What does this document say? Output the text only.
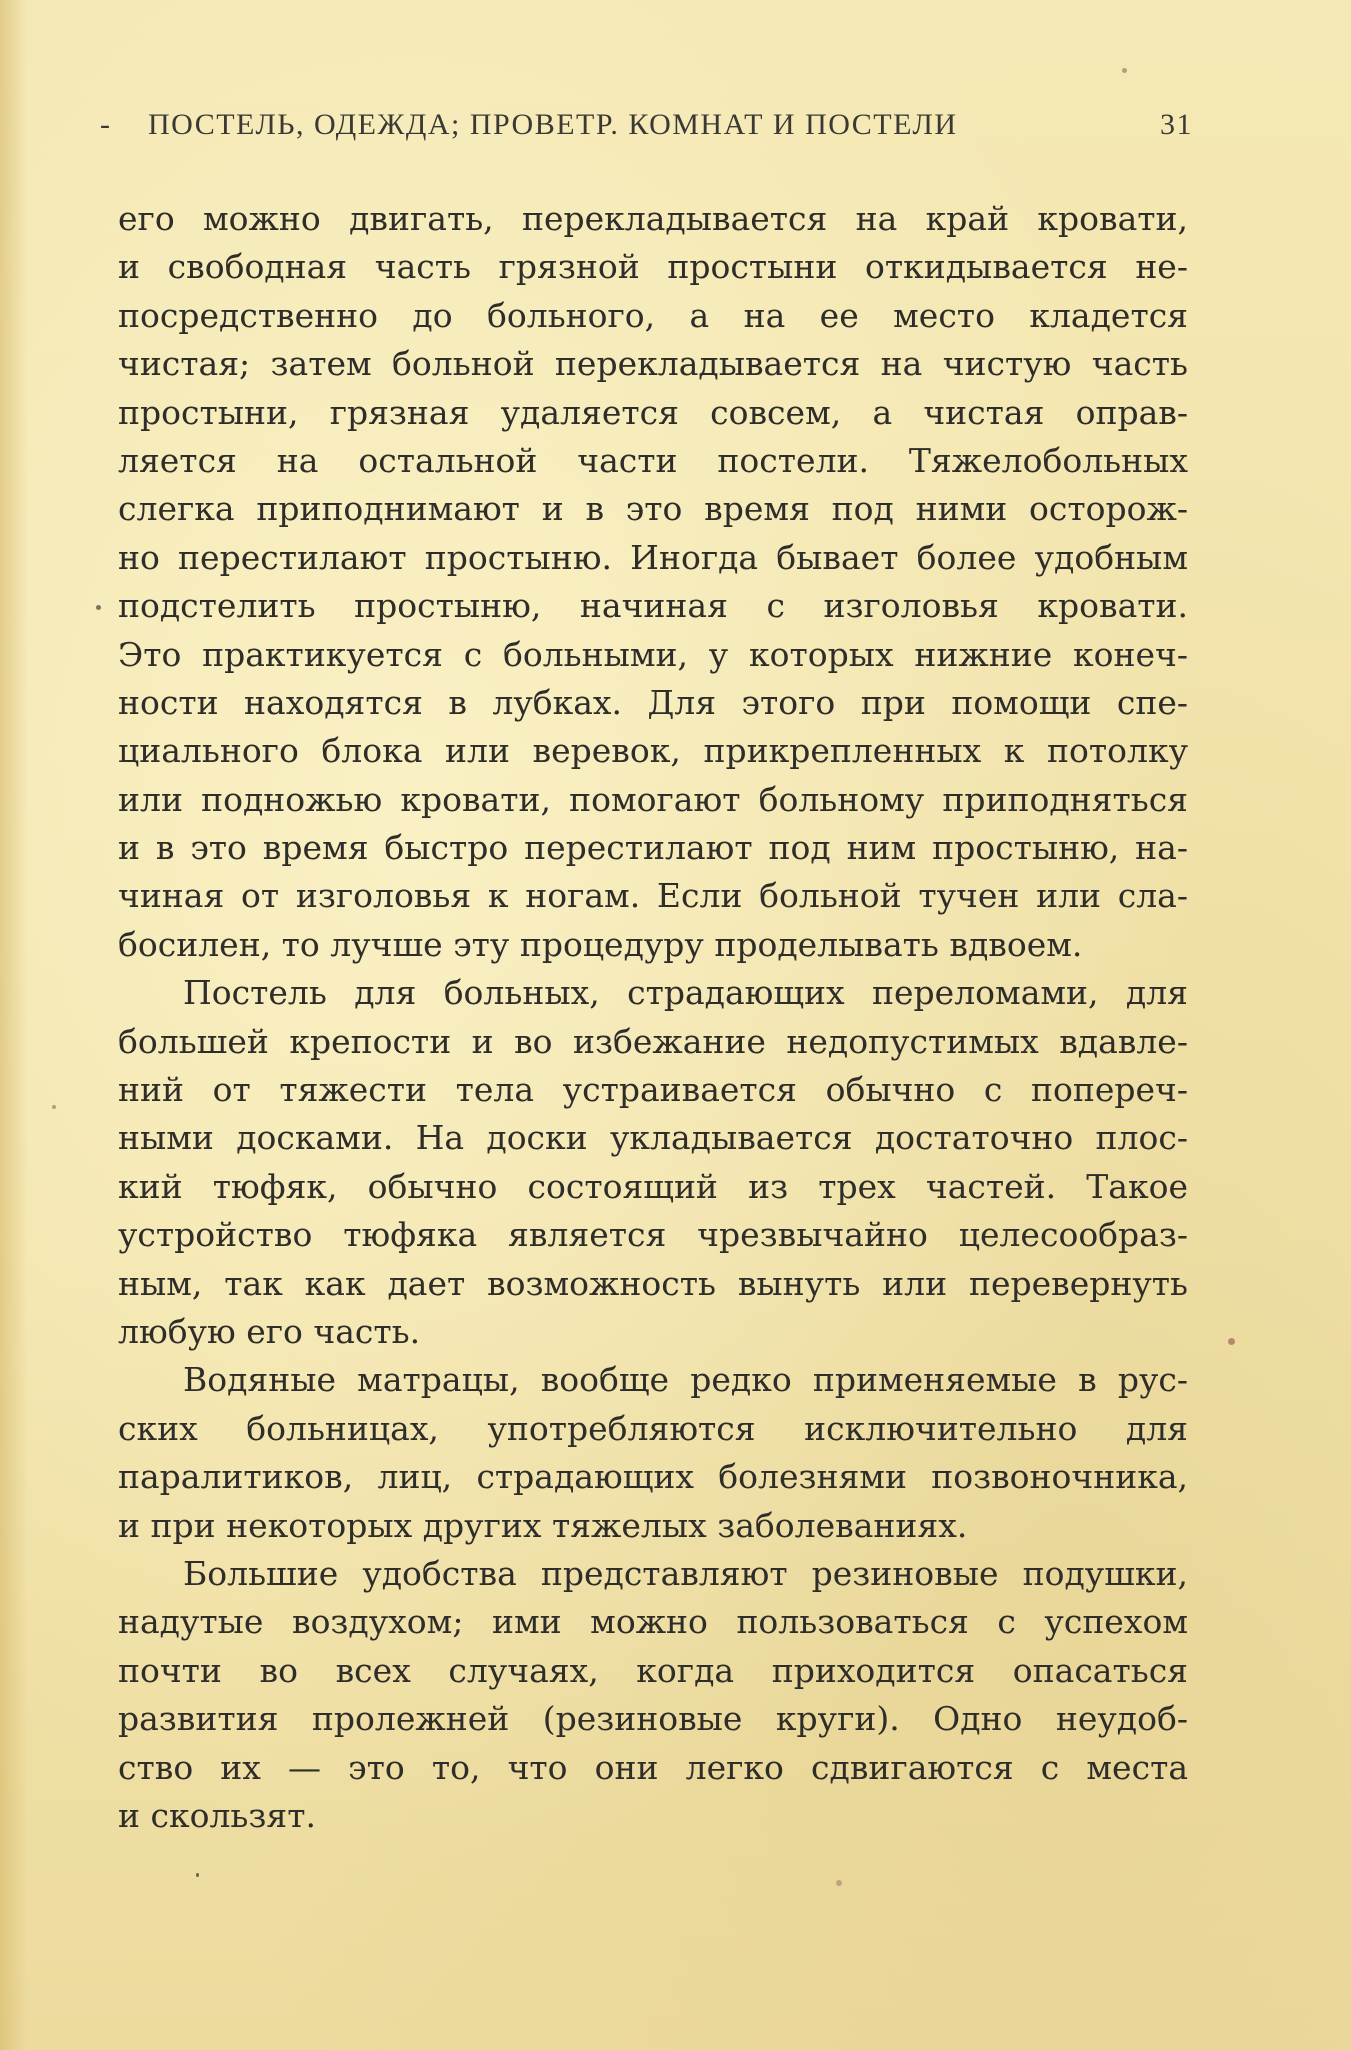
- ПОСТЕЛЬ, ОДЕЖДА; ПРОВЕТР. КОМНАТ И ПОСТЕЛИ	31
его можно двигать, перекладывается на край кровати,
и свободная часть грязной простыни откидывается не-
посредственно до больного, а на ее место кладется
чистая; затем больной перекладывается на чистую часть
простыни, грязная удаляется совсем, а чистая оправ-
ляется на остальной части постели. Тяжелобольных
слегка приподнимают и в это время под ними осторож-
но перестилают простыню. Иногда бывает более удобным
подстелить простыню, начиная с изголовья кровати.
Это практикуется с больными, у которых нижние конеч-
ности находятся в лубках. Для этого при помощи спе-
циального блока или веревок, прикрепленных к потолку
или подножью кровати, помогают больному приподняться
и в это время быстро перестилают под ним простыню, на-
чиная от изголовья к ногам. Если больной тучен или сла-
босилен, то лучше эту процедуру проделывать вдвоем.
Постель для больных, страдающих переломами, для
большей крепости и во избежание недопустимых вдавле-
ний от тяжести тела устраивается обычно с попереч-
ными досками. На доски укладывается достаточно плос-
кий тюфяк, обычно состоящий из трех частей. Такое
устройство тюфяка является чрезвычайно целесообраз-
ным, так как дает возможность вынуть или перевернуть
любую его часть.
Водяные матрацы, вообще редко применяемые в рус-
ских больницах, употребляются исключительно для
паралитиков, лиц, страдающих болезнями позвоночника,
и при некоторых других тяжелых заболеваниях.
Большие удобства представляют резиновые подушки,
надутые воздухом; ими можно пользоваться с успехом
почти во всех случаях, когда приходится опасаться
развития пролежней (резиновые круги). Одно неудоб-
ство их — это то, что они легко сдвигаются с места
и скользят.
